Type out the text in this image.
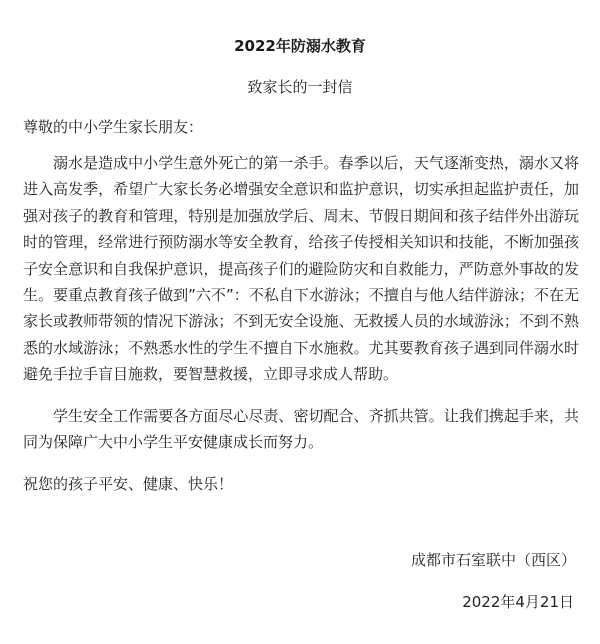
2022年防溺水教育
致家长的一封信
尊敬的中小学生家长朋友：

溺水是造成中小学生意外死亡的第一杀手。春季以后，天气逐渐变热，溺水又将进入高发季，希望广大家长务必增强安全意识和监护意识，切实承担起监护责任，加强对孩子的教育和管理，特别是加强放学后、周末、节假日期间和孩子结伴外出游玩时的管理，经常进行预防溺水等安全教育，给孩子传授相关知识和技能，不断加强孩子安全意识和自我保护意识，提高孩子们的避险防灾和自救能力，严防意外事故的发生。要重点教育孩子做到”六不”：不私自下水游泳；不擅自与他人结伴游泳；不在无家长或教师带领的情况下游泳；不到无安全设施、无救援人员的水域游泳；不到不熟悉的水域游泳；不熟悉水性的学生不擅自下水施救。尤其要教育孩子遇到同伴溺水时避免手拉手盲目施救，要智慧救援，立即寻求成人帮助。

学生安全工作需要各方面尽心尽责、密切配合、齐抓共管。让我们携起手来，共同为保障广大中小学生平安健康成长而努力。

祝您的孩子平安、健康、快乐！
成都市石室联中（西区）
2022年4月21日
